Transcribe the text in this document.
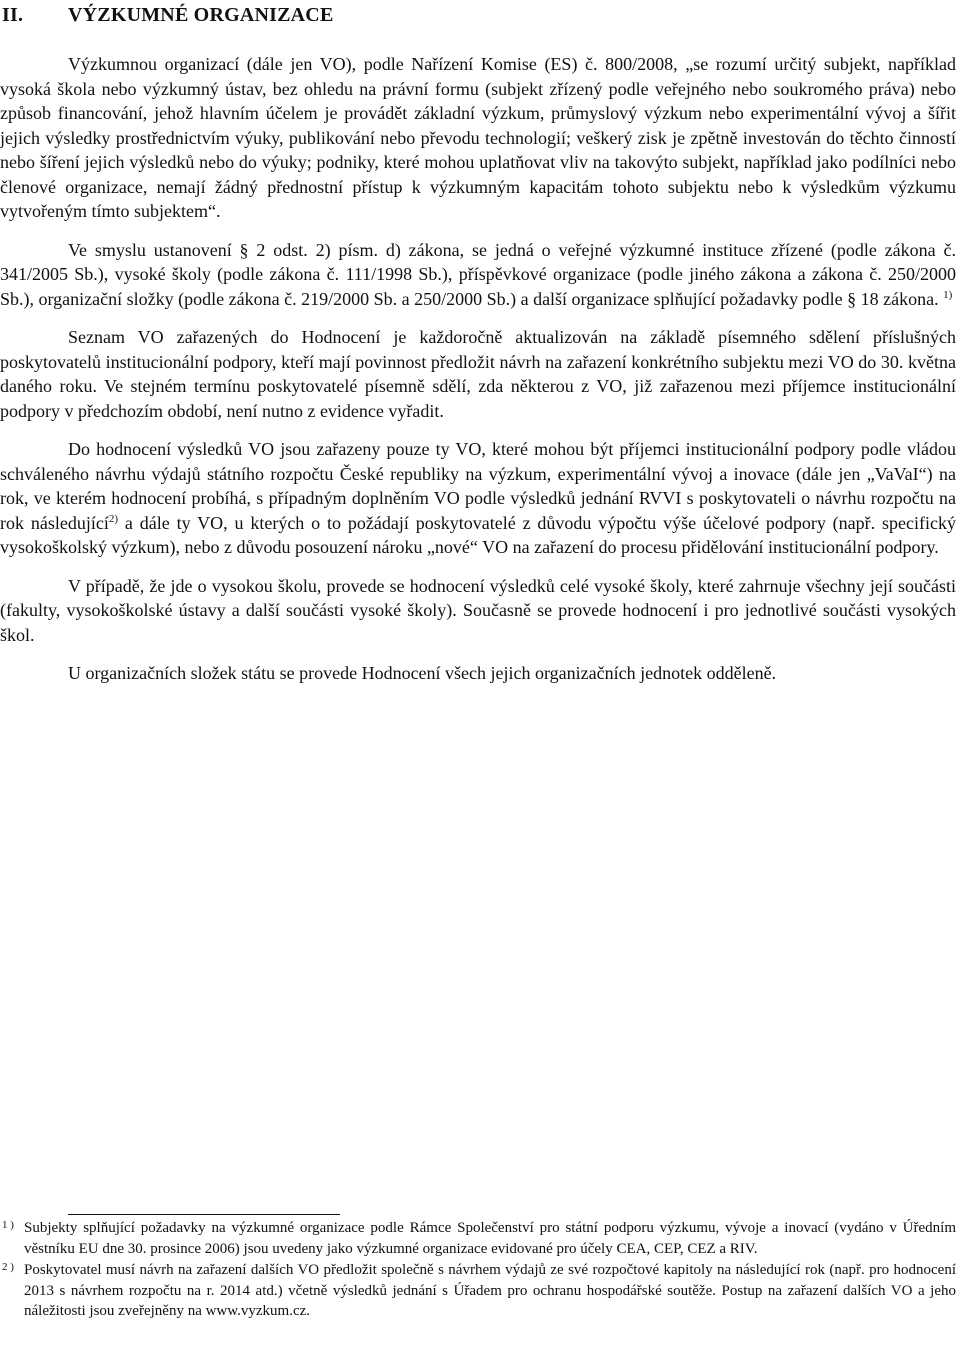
II. VÝZKUMNÉ ORGANIZACE

Výzkumnou organizací (dále jen VO), podle Nařízení Komise (ES) č. 800/2008, „se rozumí určitý subjekt, například vysoká škola nebo výzkumný ústav, bez ohledu na právní formu (subjekt zřízený podle veřejného nebo soukromého práva) nebo způsob financování, jehož hlavním účelem je provádět základní výzkum, průmyslový výzkum nebo experimentální vývoj a šířit jejich výsledky prostřednictvím výuky, publikování nebo převodu technologií; veškerý zisk je zpětně investován do těchto činností nebo šíření jejich výsledků nebo do výuky; podniky, které mohou uplatňovat vliv na takovýto subjekt, například jako podílníci nebo členové organizace, nemají žádný přednostní přístup k výzkumným kapacitám tohoto subjektu nebo k výsledkům výzkumu vytvořeným tímto subjektem“.

Ve smyslu ustanovení § 2 odst. 2) písm. d) zákona, se jedná o veřejné výzkumné instituce zřízené (podle zákona č. 341/2005 Sb.), vysoké školy (podle zákona č. 111/1998 Sb.), příspěvkové organizace (podle jiného zákona a zákona č. 250/2000 Sb.), organizační složky (podle zákona č. 219/2000 Sb. a 250/2000 Sb.) a další organizace splňující požadavky podle § 18 zákona. $^{1)}$

Seznam VO zařazených do Hodnocení je každoročně aktualizován na základě písemného sdělení příslušných poskytovatelů institucionální podpory, kteří mají povinnost předložit návrh na zařazení konkrétního subjektu mezi VO do 30. května daného roku. Ve stejném termínu poskytovatelé písemně sdělí, zda některou z VO, již zařazenou mezi příjemce institucionální podpory v předchozím období, není nutno z evidence vyřadit.

Do hodnocení výsledků VO jsou zařazeny pouze ty VO, které mohou být příjemci institucionální podpory podle vládou schváleného návrhu výdajů státního rozpočtu České republiky na výzkum, experimentální vývoj a inovace (dále jen „VaVaI“) na rok, ve kterém hodnocení probíhá, s případným doplněním VO podle výsledků jednání RVVI s poskytovateli o návrhu rozpočtu na rok následující$^{2)}$ a dále ty VO, u kterých o to požádají poskytovatelé z důvodu výpočtu výše účelové podpory (např. specifický vysokoškolský výzkum), nebo z důvodu posouzení nároku „nové“ VO na zařazení do procesu přidělování institucionální podpory.

V případě, že jde o vysokou školu, provede se hodnocení výsledků celé vysoké školy, které zahrnuje všechny její součásti (fakulty, vysokoškolské ústavy a další součásti vysoké školy). Současně se provede hodnocení i pro jednotlivé součásti vysokých škol.

U organizačních složek státu se provede Hodnocení všech jejich organizačních jednotek odděleně.

1 ) Subjekty splňující požadavky na výzkumné organizace podle Rámce Společenství pro státní podporu výzkumu, vývoje a inovací (vydáno v Úředním věstníku EU dne 30. prosince 2006) jsou uvedeny jako výzkumné organizace evidované pro účely CEA, CEP, CEZ a RIV.
2 ) Poskytovatel musí návrh na zařazení dalších VO předložit společně s návrhem výdajů ze své rozpočtové kapitoly na následující rok (např. pro hodnocení 2013 s návrhem rozpočtu na r. 2014 atd.) včetně výsledků jednání s Úřadem pro ochranu hospodářské soutěže. Postup na zařazení dalších VO a jeho náležitosti jsou zveřejněny na www.vyzkum.cz.
